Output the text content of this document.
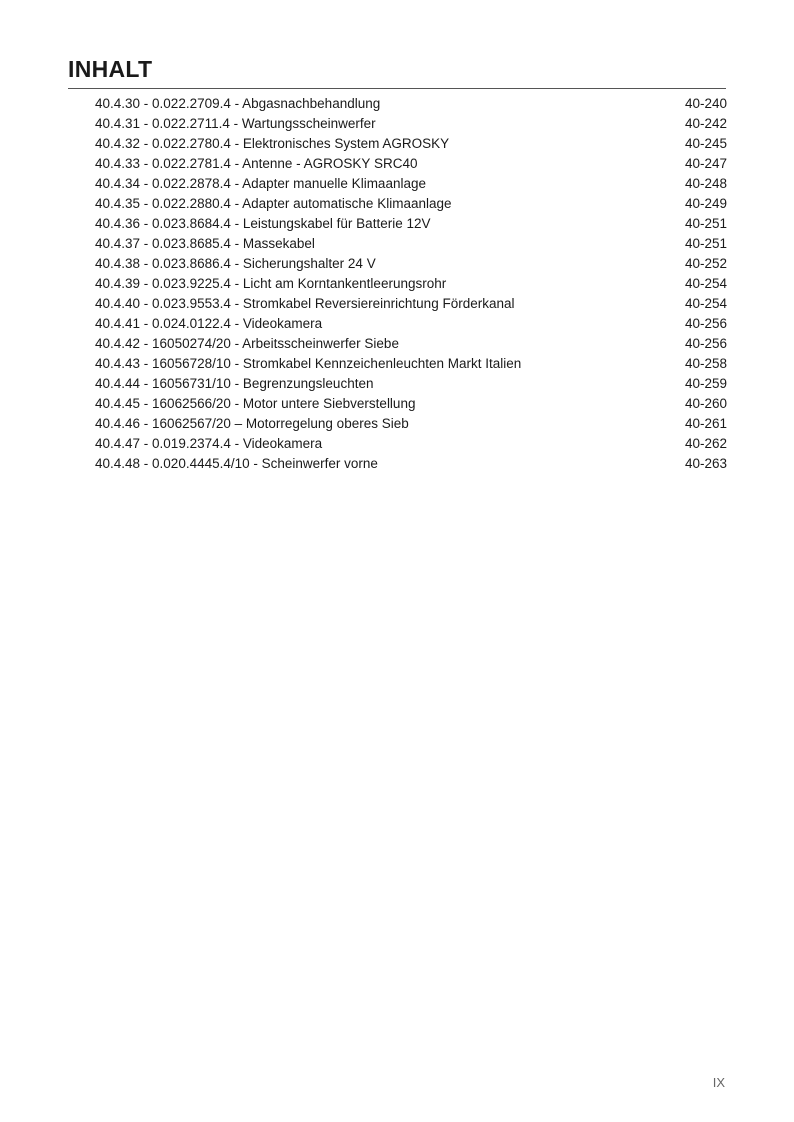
INHALT
40.4.30 - 0.022.2709.4 - Abgasnachbehandlung	40-240
40.4.31 - 0.022.2711.4 - Wartungsscheinwerfer	40-242
40.4.32 - 0.022.2780.4 - Elektronisches System AGROSKY	40-245
40.4.33 - 0.022.2781.4 - Antenne - AGROSKY SRC40	40-247
40.4.34 - 0.022.2878.4 - Adapter manuelle Klimaanlage	40-248
40.4.35 - 0.022.2880.4 - Adapter automatische Klimaanlage	40-249
40.4.36 - 0.023.8684.4 - Leistungskabel für Batterie 12V	40-251
40.4.37 - 0.023.8685.4 - Massekabel	40-251
40.4.38 - 0.023.8686.4 - Sicherungshalter 24 V	40-252
40.4.39 - 0.023.9225.4 - Licht am Korntankentleerungsrohr	40-254
40.4.40 - 0.023.9553.4 - Stromkabel Reversiereinrichtung Förderkanal	40-254
40.4.41 - 0.024.0122.4 - Videokamera	40-256
40.4.42 - 16050274/20 - Arbeitsscheinwerfer Siebe	40-256
40.4.43 - 16056728/10 - Stromkabel Kennzeichenleuchten Markt Italien	40-258
40.4.44 - 16056731/10 - Begrenzungsleuchten	40-259
40.4.45 - 16062566/20 - Motor untere Siebverstellung	40-260
40.4.46 - 16062567/20 – Motorregelung oberes Sieb	40-261
40.4.47 - 0.019.2374.4 - Videokamera	40-262
40.4.48 - 0.020.4445.4/10 - Scheinwerfer vorne	40-263
IX
